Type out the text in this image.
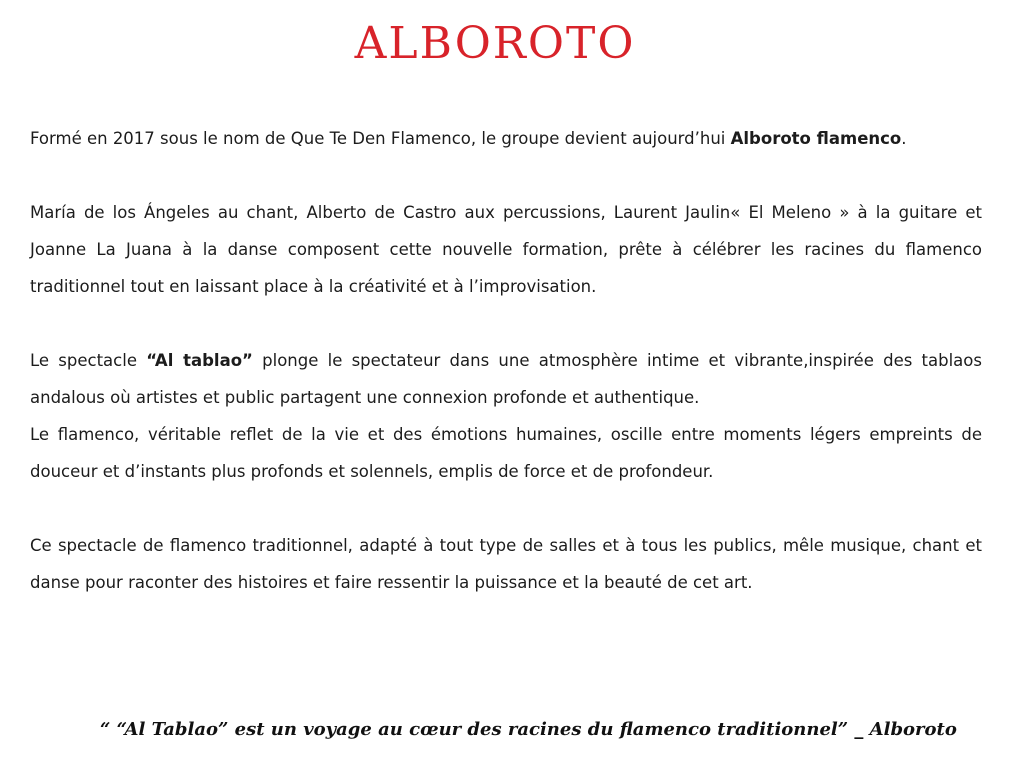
ALBOROTO

Formé en 2017 sous le nom de Que Te Den Flamenco, le groupe devient aujourd’hui Alboroto flamenco.

María de los Ángeles au chant, Alberto de Castro aux percussions, Laurent Jaulin« El Meleno » à la guitare et Joanne La Juana à la danse composent cette nouvelle formation, prête à célébrer les racines du flamenco traditionnel tout en laissant place à la créativité et à l’improvisation.

Le spectacle “Al tablao” plonge le spectateur dans une atmosphère intime et vibrante,inspirée des tablaos andalous où artistes et public partagent une connexion profonde et authentique.

Le flamenco, véritable reflet de la vie et des émotions humaines, oscille entre moments légers empreints de douceur et d’instants plus profonds et solennels, emplis de force et de profondeur.

Ce spectacle de flamenco traditionnel, adapté à tout type de salles et à tous les publics, mêle musique, chant et danse pour raconter des histoires et faire ressentir la puissance et la beauté de cet art.

“ “Al Tablao” est un voyage au cœur des racines du flamenco traditionnel” _ Alboroto
